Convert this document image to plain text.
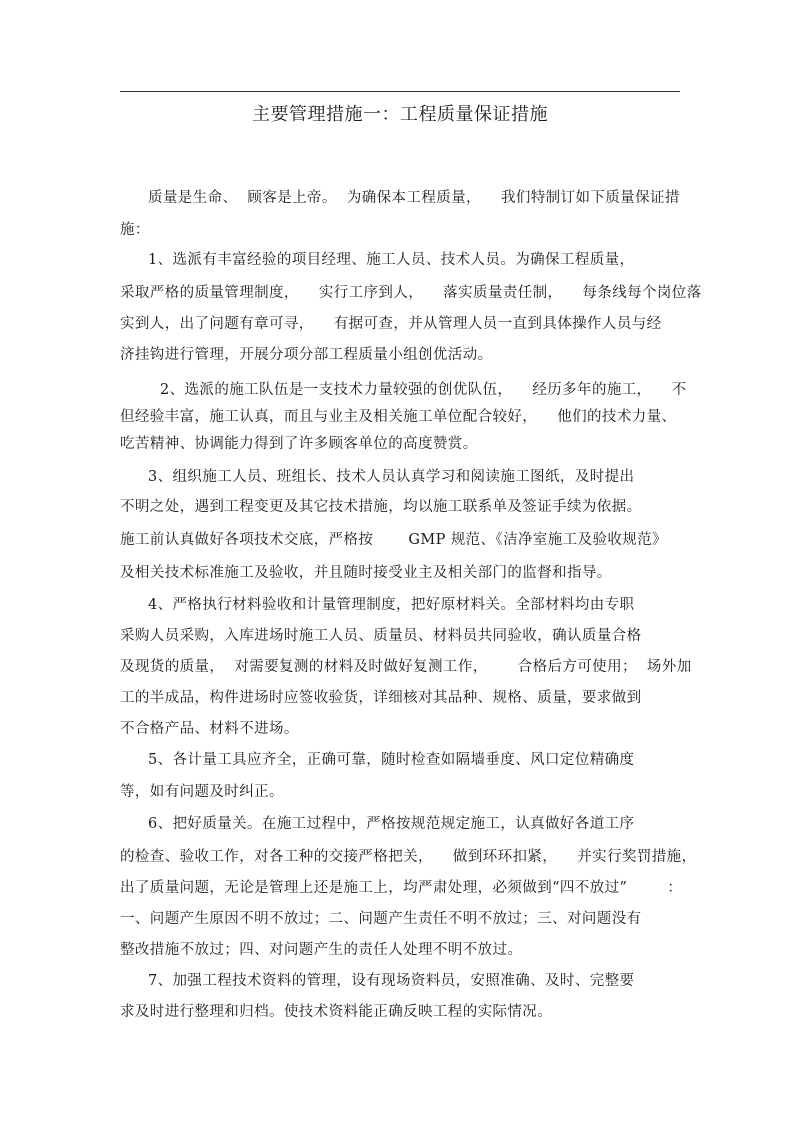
主要管理措施一：工程质量保证措施
质量是生命、  顾客是上帝。  为确保本工程质量，    我们特制订如下质量保证措
施：
1、选派有丰富经验的项目经理、施工人员、技术人员。为确保工程质量，
采取严格的质量管理制度，    实行工序到人，    落实质量责任制，    每条线每个岗位落
实到人，出了问题有章可寻，    有据可查，并从管理人员一直到具体操作人员与经
济挂钩进行管理，开展分项分部工程质量小组创优活动。
2、选派的施工队伍是一支技术力量较强的创优队伍，    经历多年的施工，    不
但经验丰富，施工认真，而且与业主及相关施工单位配合较好，    他们的技术力量、
吃苦精神、协调能力得到了许多顾客单位的高度赞赏。
3、组织施工人员、班组长、技术人员认真学习和阅读施工图纸，及时提出
不明之处，遇到工程变更及其它技术措施，均以施工联系单及签证手续为依据。
施工前认真做好各项技术交底，严格按       GMP 规范、《洁净室施工及验收规范》
及相关技术标准施工及验收，并且随时接受业主及相关部门的监督和指导。
4、严格执行材料验收和计量管理制度，把好原材料关。全部材料均由专职
采购人员采购，入库进场时施工人员、质量员、材料员共同验收，确认质量合格
及现货的质量，  对需要复测的材料及时做好复测工作，      合格后方可使用；  场外加
工的半成品，构件进场时应签收验货，详细核对其品种、规格、质量，要求做到
不合格产品、材料不进场。
5、各计量工具应齐全，正确可靠，随时检查如隔墙垂度、风口定位精确度
等，如有问题及时纠正。
6、把好质量关。在施工过程中，严格按规范规定施工，认真做好各道工序
的检查、验收工作，对各工种的交接严格把关，    做到环环扣紧，    并实行奖罚措施，
出了质量问题，无论是管理上还是施工上，均严肃处理，必须做到“四不放过”        ：
一、问题产生原因不明不放过；二、问题产生责任不明不放过；三、对问题没有
整改措施不放过；四、对问题产生的责任人处理不明不放过。
7、加强工程技术资料的管理，设有现场资料员，安照准确、及时、完整要
求及时进行整理和归档。使技术资料能正确反映工程的实际情况。
